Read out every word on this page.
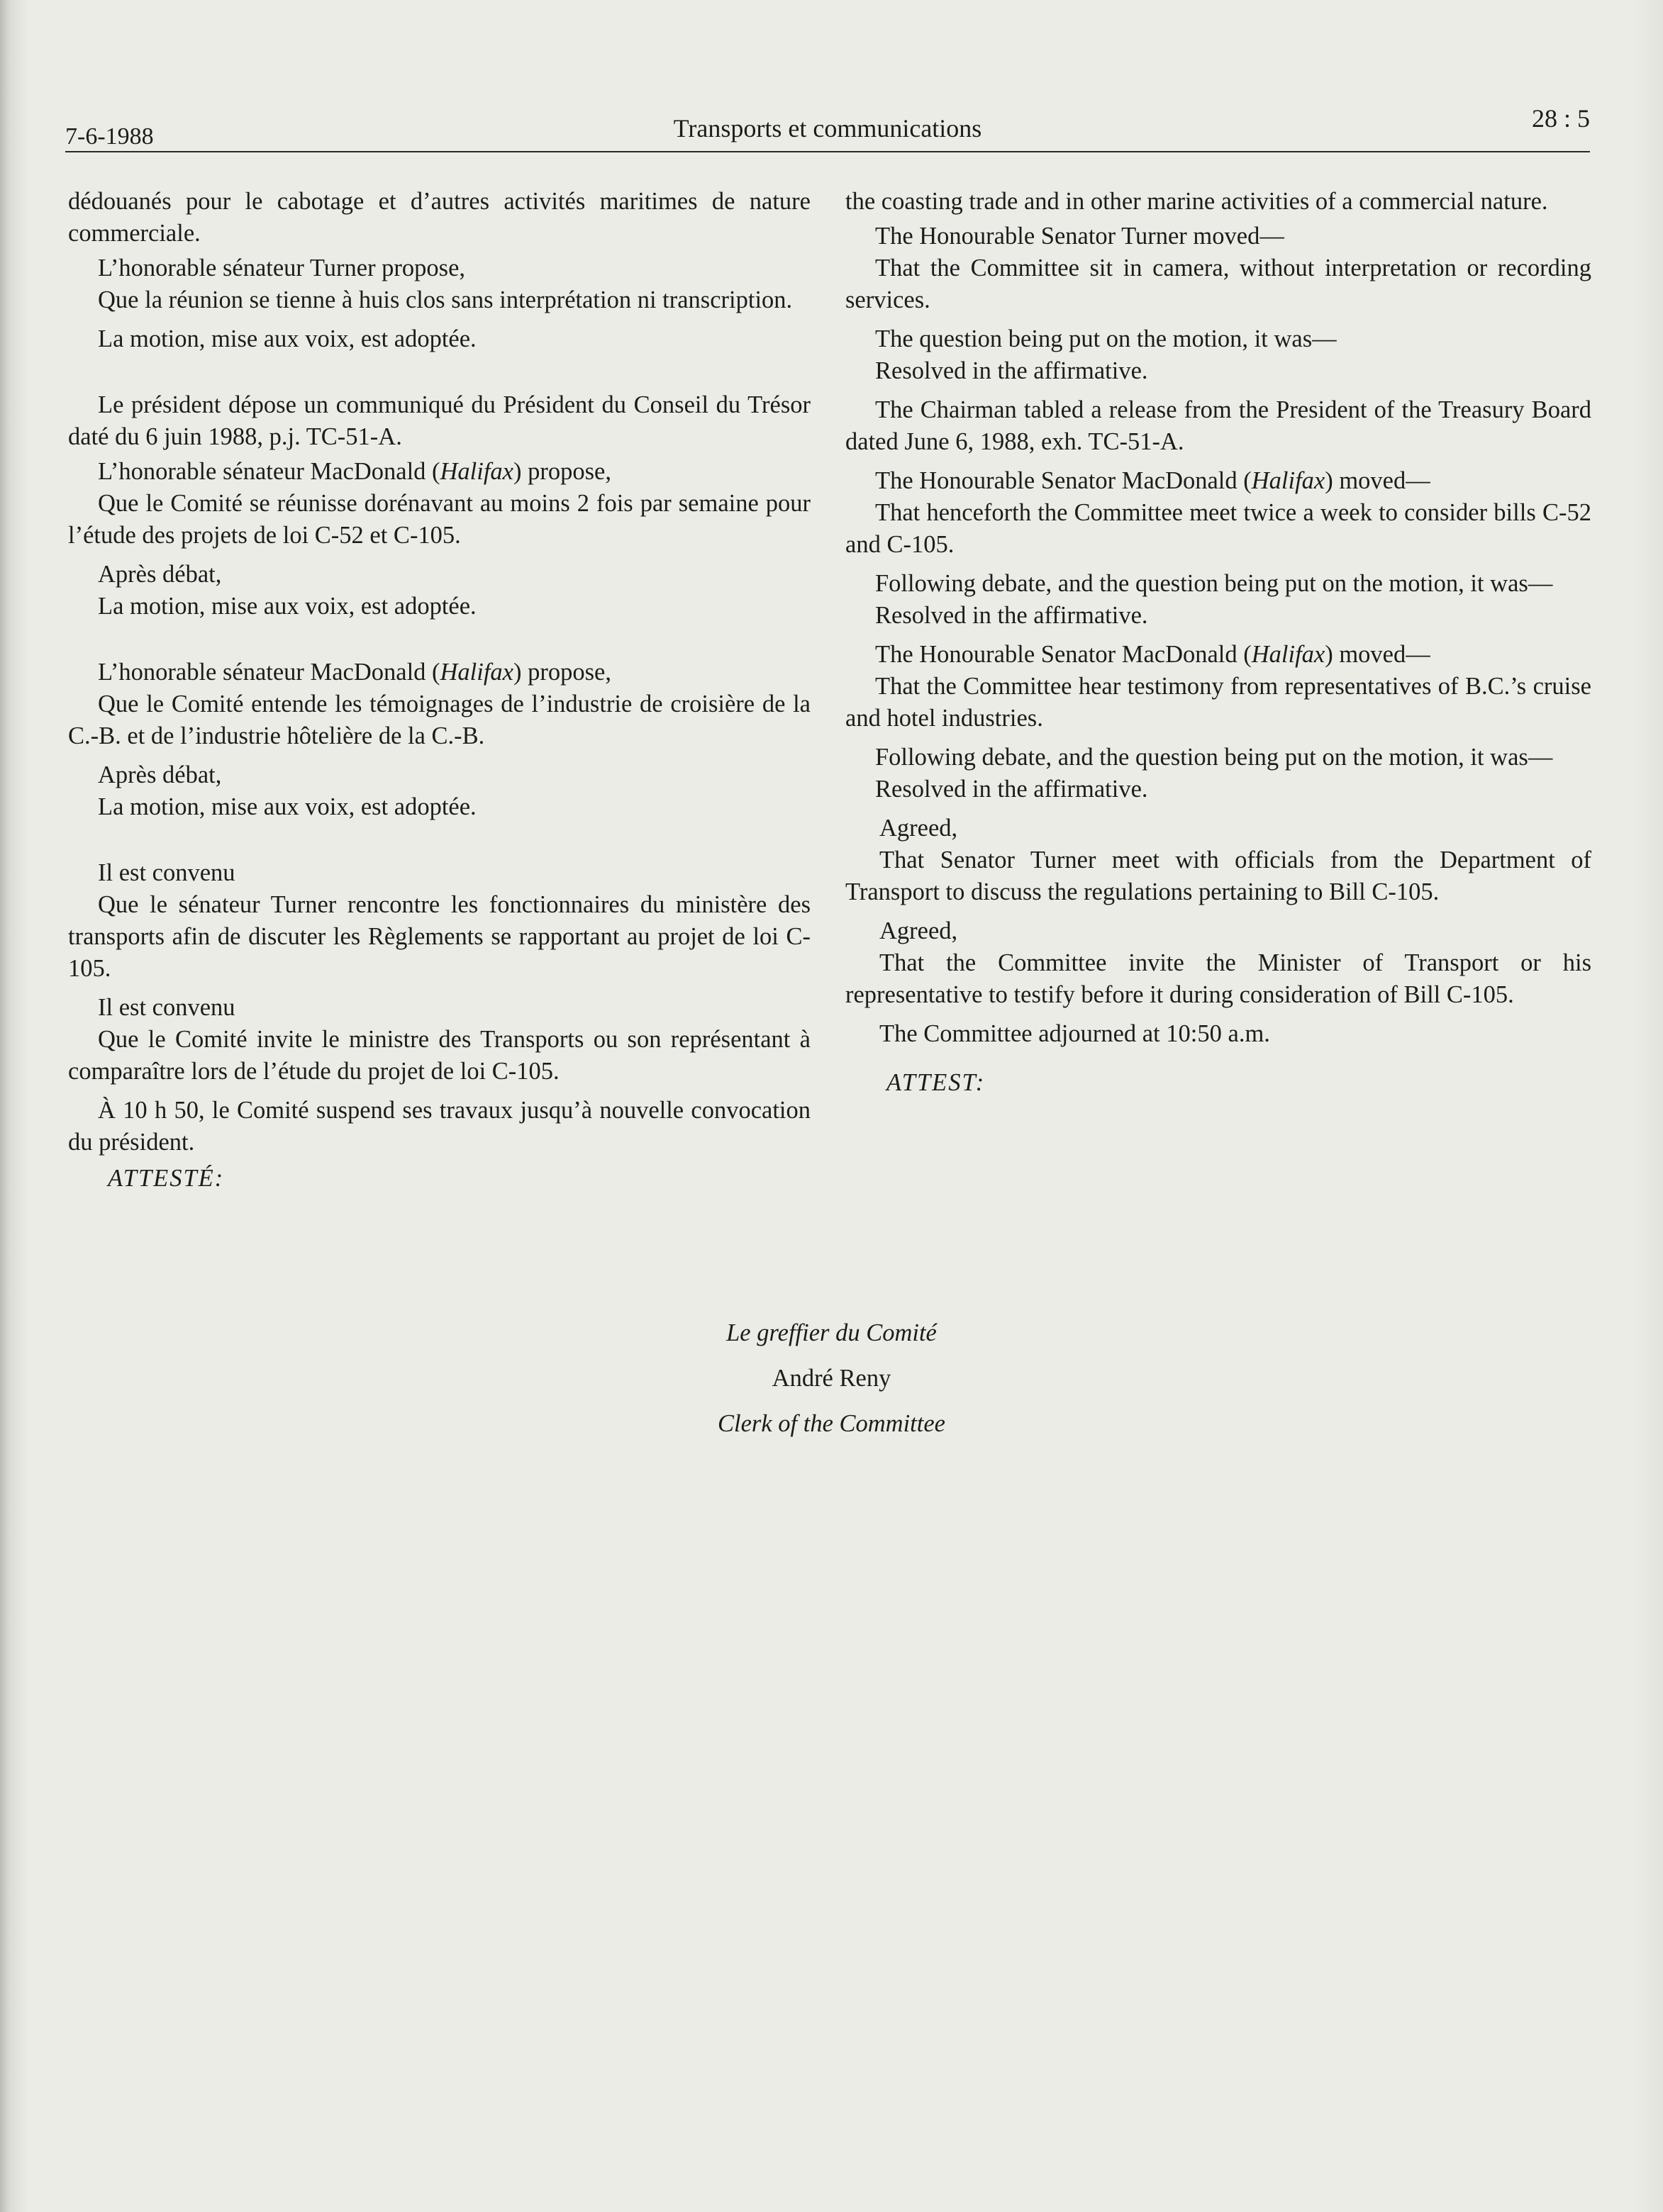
7-6-1988	Transports et communications	28 : 5

dédouanés pour le cabotage et d’autres activités maritimes de nature commerciale.

L’honorable sénateur Turner propose,

Que la réunion se tienne à huis clos sans interprétation ni transcription.

La motion, mise aux voix, est adoptée.

Le président dépose un communiqué du Président du Conseil du Trésor daté du 6 juin 1988, p.j. TC-51-A.

L’honorable sénateur MacDonald (Halifax) propose,

Que le Comité se réunisse dorénavant au moins 2 fois par semaine pour l’étude des projets de loi C-52 et C-105.

Après débat,

La motion, mise aux voix, est adoptée.

L’honorable sénateur MacDonald (Halifax) propose,

Que le Comité entende les témoignages de l’industrie de croisière de la C.-B. et de l’industrie hôtelière de la C.-B.

Après débat,

La motion, mise aux voix, est adoptée.

Il est convenu

Que le sénateur Turner rencontre les fonctionnaires du ministère des transports afin de discuter les Règlements se rapportant au projet de loi C-105.

Il est convenu

Que le Comité invite le ministre des Transports ou son représentant à comparaître lors de l’étude du projet de loi C-105.

À 10 h 50, le Comité suspend ses travaux jusqu’à nouvelle convocation du président.

ATTESTÉ:

the coasting trade and in other marine activities of a commercial nature.

The Honourable Senator Turner moved—

That the Committee sit in camera, without interpretation or recording services.

The question being put on the motion, it was—

Resolved in the affirmative.

The Chairman tabled a release from the President of the Treasury Board dated June 6, 1988, exh. TC-51-A.

The Honourable Senator MacDonald (Halifax) moved—

That henceforth the Committee meet twice a week to consider bills C-52 and C-105.

Following debate, and the question being put on the motion, it was—

Resolved in the affirmative.

The Honourable Senator MacDonald (Halifax) moved—

That the Committee hear testimony from representatives of B.C.’s cruise and hotel industries.

Following debate, and the question being put on the motion, it was—

Resolved in the affirmative.

Agreed,

That Senator Turner meet with officials from the Department of Transport to discuss the regulations pertaining to Bill C-105.

Agreed,

That the Committee invite the Minister of Transport or his representative to testify before it during consideration of Bill C-105.

The Committee adjourned at 10:50 a.m.

ATTEST:

Le greffier du Comité
André Reny
Clerk of the Committee
